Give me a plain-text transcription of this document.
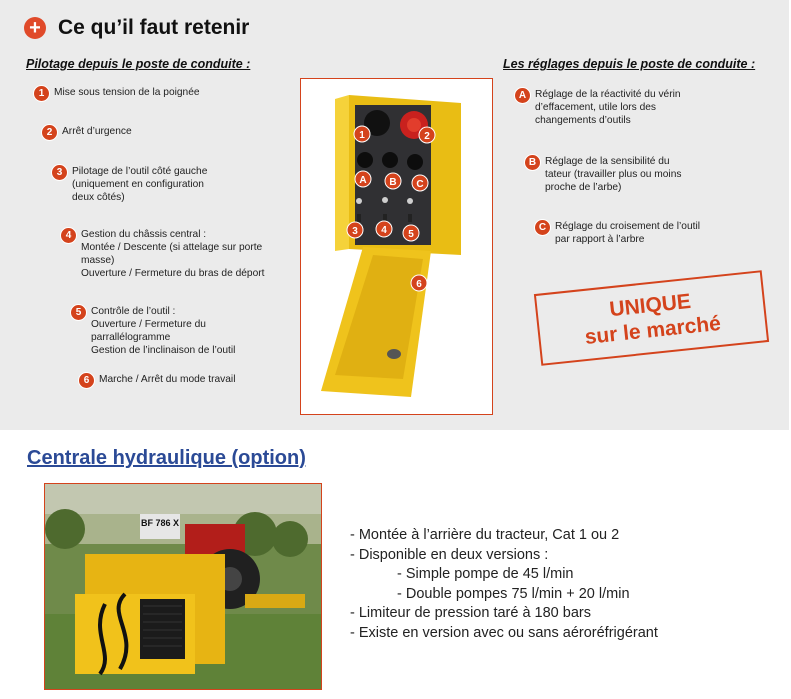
+ Ce qu’il faut retenir
Pilotage depuis le poste de conduite :	Les réglages depuis le poste de conduite :
1 Mise sous tension de la poignée
2 Arrêt d’urgence
3 Pilotage de l’outil côté gauche
(uniquement en configuration
deux côtés)
4 Gestion du châssis central :
Montée / Descente (si attelage sur porte
masse)
Ouverture / Fermeture du bras de déport
5 Contrôle de l’outil :
Ouverture / Fermeture du
parrallélogramme
Gestion de l’inclinaison de l’outil
6 Marche / Arrêt du mode travail
A Réglage de la réactivité du vérin
d’effacement, utile lors des
changements d’outils
B Réglage de la sensibilité du
tateur (travailler plus ou moins
proche de l’arbe)
C Réglage du croisement de l’outil
par rapport à l’arbre
1	2
A B C
3 4 5
6
UNIQUE
sur le marché
Centrale hydraulique (option)
BF 786 X
- Montée à l’arrière du tracteur, Cat 1 ou 2
- Disponible en deux versions :
- Simple pompe de 45 l/min
- Double pompes 75 l/min + 20 l/min
- Limiteur de pression taré à 180 bars
- Existe en version avec ou sans aéroréfrigérant
